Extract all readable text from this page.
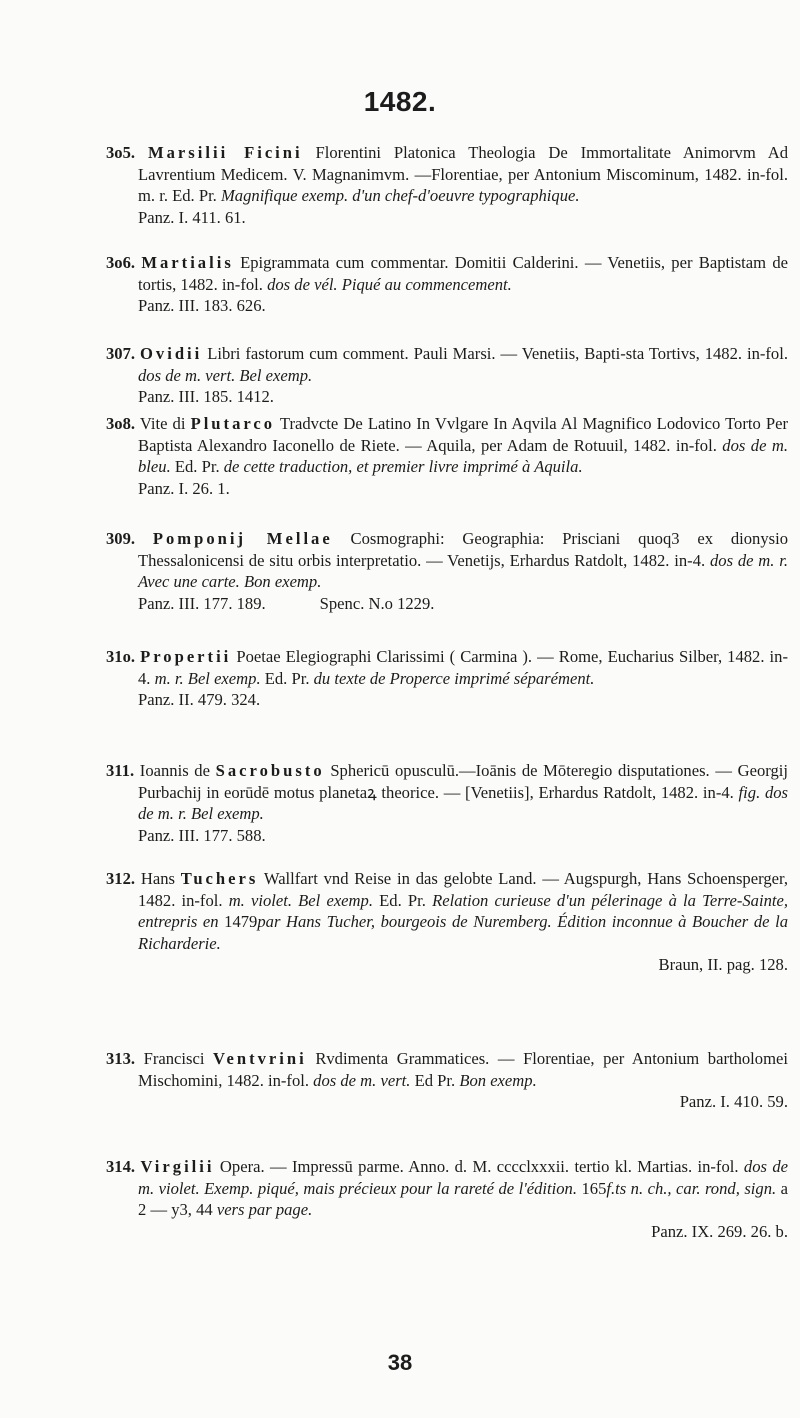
1482.
3o5. Marsilii Ficini Florentini Platonica Theologia De Immortalitate Animorvm Ad Lavrentium Medicem. V. Magnanimvm. —Florentiae, per Antonium Miscominum, 1482. in-fol. m. r. Ed. Pr. Magnifique exemp. d'un chef-d'oeuvre typographique.
Panz. I. 411. 61.
3o6. Martialis Epigrammata cum commentar. Domitii Calderini. — Venetiis, per Baptistam de tortis, 1482. in-fol. dos de vél. Piqué au commencement.
Panz. III. 183. 626.
307. Ovidii Libri fastorum cum comment. Pauli Marsi. — Venetiis, Bapti-sta Tortivs, 1482. in-fol. dos de m. vert. Bel exemp.
Panz. III. 185. 1412.
3o8. Vite di Plutarco Tradvcte De Latino In Vvlgare In Aqvila Al Magnifico Lodovico Torto Per Baptista Alexandro Iaconello de Riete. — Aquila, per Adam de Rotuuil, 1482. in-fol. dos de m. bleu. Ed. Pr. de cette traduction, et premier livre imprimé à Aquila.
Panz. I. 26. 1.
309. Pomponij Mellae Cosmographi: Geographia: Prisciani quoq3 ex dionysio Thessalonicensi de situ orbis interpretatio. — Venetijs, Erhardus Ratdolt, 1482. in-4. dos de m. r. Avec une carte. Bon exemp.
Panz. III. 177. 189.	Spenc. N.o 1229.
31o. Propertii Poetae Elegiographi Clarissimi ( Carmina ). — Rome, Eucharius Silber, 1482. in-4. m. r. Bel exemp. Ed. Pr. du texte de Properce imprimé séparément.
Panz. II. 479. 324.
311. Ioannis de Sacrobusto Sphericū opusculū.—Ioānis de Mōteregio disputationes. — Georgij Purbachij in eorūdē motus planetaꝝ theorice. — [Venetiis], Erhardus Ratdolt, 1482. in-4. fig. dos de m. r. Bel exemp.
Panz. III. 177. 588.
312. Hans Tuchers Wallfart vnd Reise in das gelobte Land. — Augspurgh, Hans Schoensperger, 1482. in-fol. m. violet. Bel exemp. Ed. Pr. Relation curieuse d'un pélerinage à la Terre-Sainte, entrepris en 1479par Hans Tucher, bourgeois de Nuremberg. Édition inconnue à Boucher de la Richarderie.
Braun, II. pag. 128.
313. Francisci Ventvrini Rvdimenta Grammatices. — Florentiae, per Antonium bartholomei Mischomini, 1482. in-fol. dos de m. vert. Ed Pr. Bon exemp.
Panz. I. 410. 59.
314. Virgilii Opera. — Impressū parme. Anno. d. M. cccclxxxii. tertio kl. Martias. in-fol. dos de m. violet. Exemp. piqué, mais précieux pour la rareté de l'édition. 165f.ts n. ch., car. rond, sign. a 2 — y3, 44 vers par page.
Panz. IX. 269. 26. b.
38
